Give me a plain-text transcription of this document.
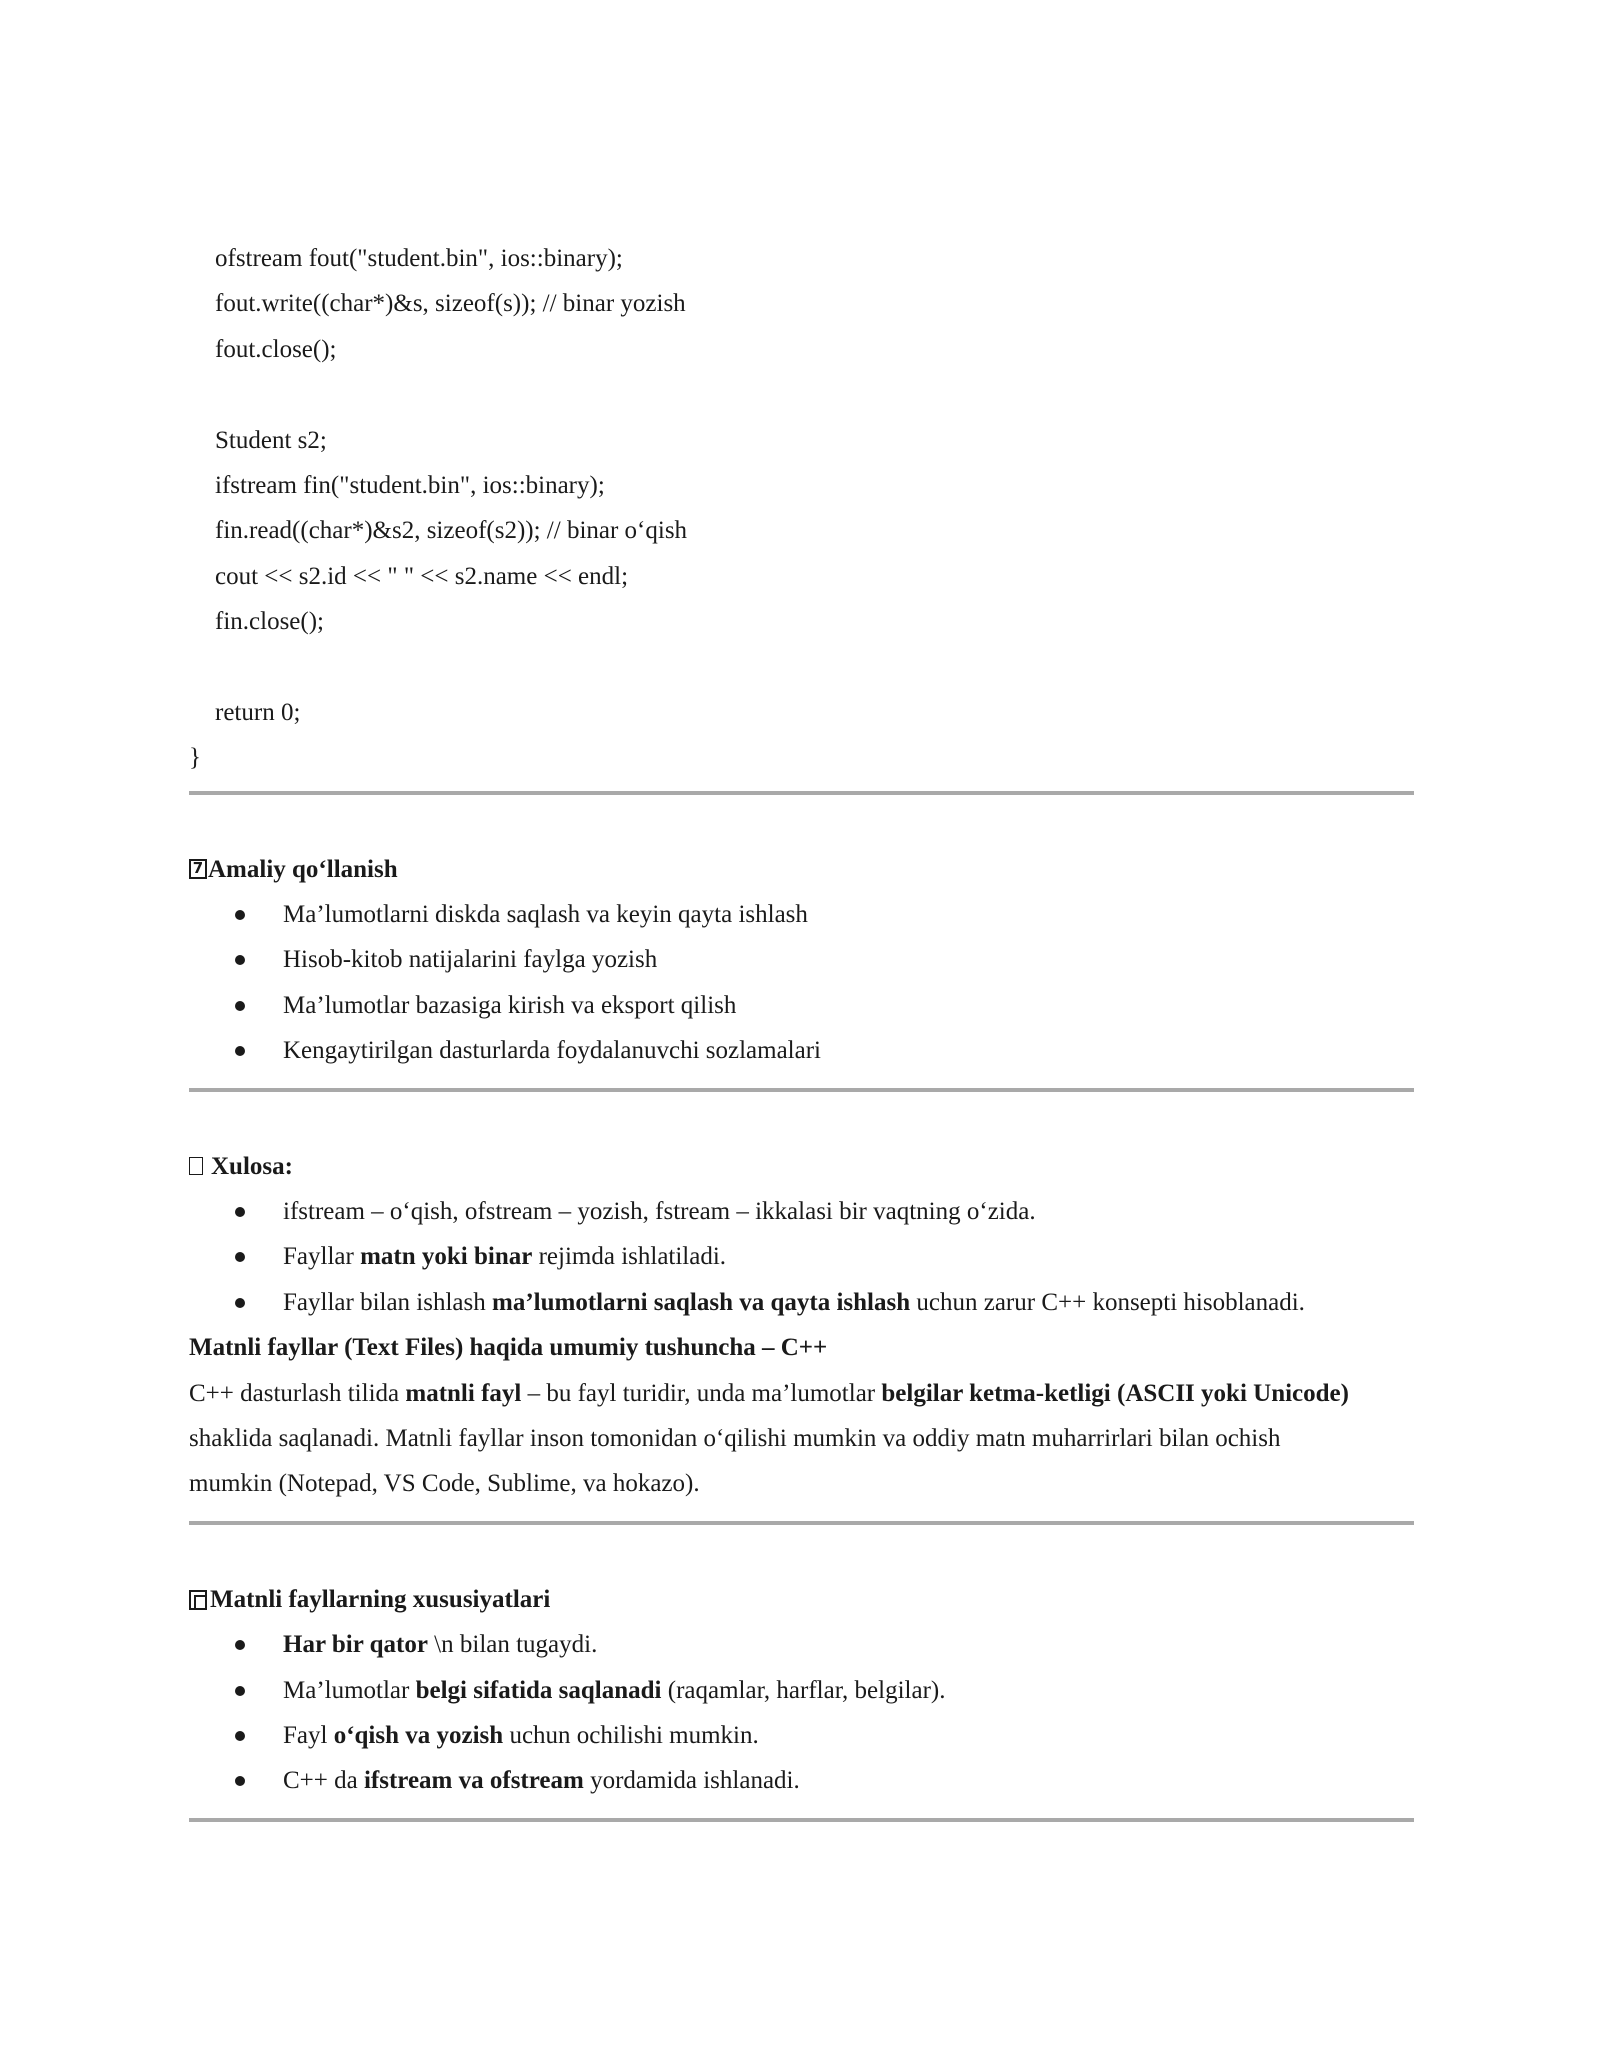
ofstream fout("student.bin", ios::binary);
fout.write((char*)&s, sizeof(s)); // binar yozish
fout.close();
Student s2;
ifstream fin("student.bin", ios::binary);
fin.read((char*)&s2, sizeof(s2)); // binar o‘qish
cout << s2.id << " " << s2.name << endl;
fin.close();
return 0;
}
7 Amaliy qo‘llanish
Ma’lumotlarni diskda saqlash va keyin qayta ishlash
Hisob-kitob natijalarini faylga yozish
Ma’lumotlar bazasiga kirish va eksport qilish
Kengaytirilgan dasturlarda foydalanuvchi sozlamalari
Xulosa:
ifstream – o‘qish, ofstream – yozish, fstream – ikkalasi bir vaqtning o‘zida.
Fayllar matn yoki binar rejimda ishlatiladi.
Fayllar bilan ishlash ma’lumotlarni saqlash va qayta ishlash uchun zarur C++ konsepti hisoblanadi.
Matnli fayllar (Text Files) haqida umumiy tushuncha – C++
C++ dasturlash tilida matnli fayl – bu fayl turidir, unda ma’lumotlar belgilar ketma-ketligi (ASCII yoki Unicode)
shaklida saqlanadi. Matnli fayllar inson tomonidan o‘qilishi mumkin va oddiy matn muharrirlari bilan ochish
mumkin (Notepad, VS Code, Sublime, va hokazo).
Matnli fayllarning xususiyatlari
Har bir qator \n bilan tugaydi.
Ma’lumotlar belgi sifatida saqlanadi (raqamlar, harflar, belgilar).
Fayl o‘qish va yozish uchun ochilishi mumkin.
C++ da ifstream va ofstream yordamida ishlanadi.
